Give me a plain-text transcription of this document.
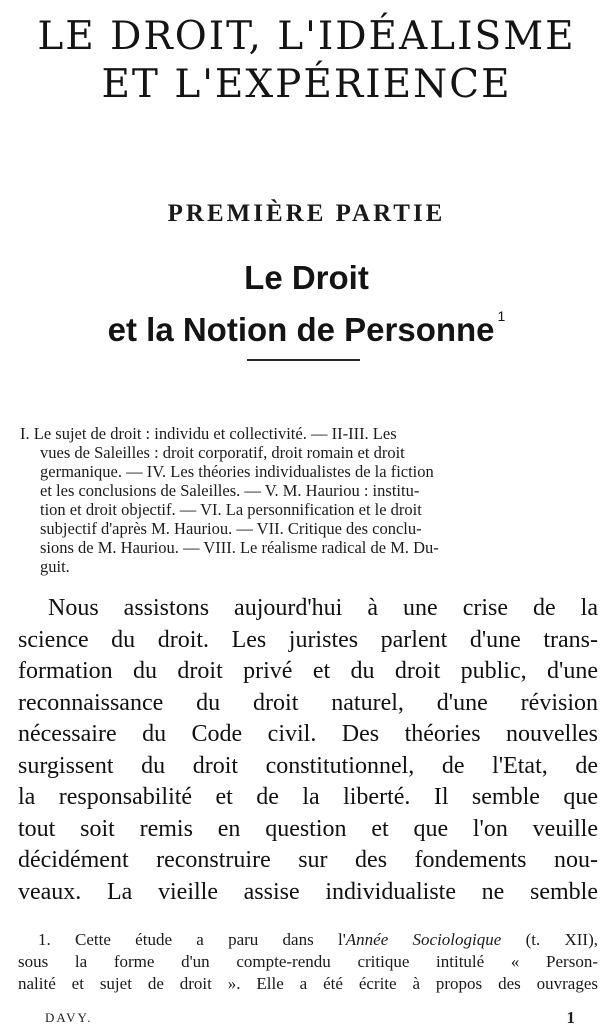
LE DROIT, L'IDÉALISME
ET L'EXPÉRIENCE
PREMIÈRE PARTIE
Le Droit
et la Notion de Personne $^1$
I. Le sujet de droit : individu et collectivité. — II-III. Les
vues de Saleilles : droit corporatif, droit romain et droit
germanique. — IV. Les théories individualistes de la fiction
et les conclusions de Saleilles. — V. M. Hauriou : institu-
tion et droit objectif. — VI. La personnification et le droit
subjectif d'après M. Hauriou. — VII. Critique des conclu-
sions de M. Hauriou. — VIII. Le réalisme radical de M. Du-
guit.
Nous assistons aujourd'hui à une crise de la
science du droit. Les juristes parlent d'une trans-
formation du droit privé et du droit public, d'une
reconnaissance du droit naturel, d'une révision
nécessaire du Code civil. Des théories nouvelles
surgissent du droit constitutionnel, de l'Etat, de
la responsabilité et de la liberté. Il semble que
tout soit remis en question et que l'on veuille
décidément reconstruire sur des fondements nou-
veaux. La vieille assise individualiste ne semble
1. Cette étude a paru dans l'Année Sociologique (t. XII),
sous la forme d'un compte-rendu critique intitulé « Person-
nalité et sujet de droit ». Elle a été écrite à propos des ouvrages
DAVY.	1
